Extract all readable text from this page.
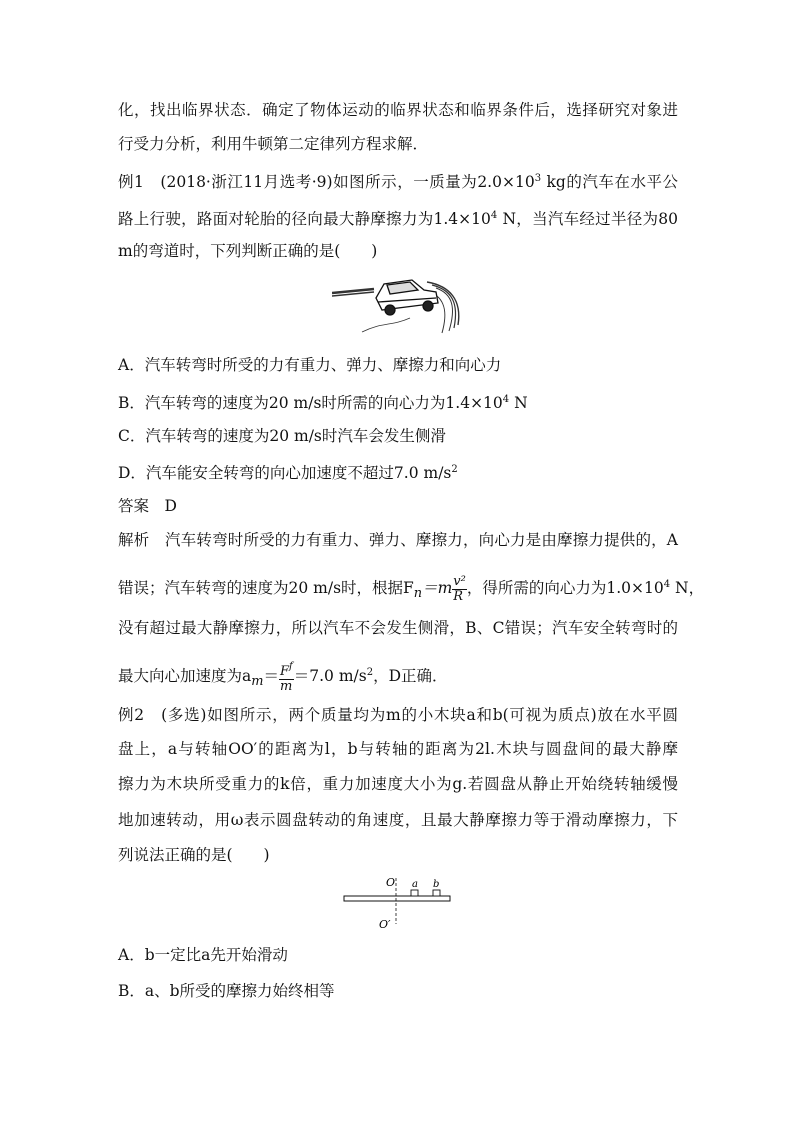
化，找出临界状态．确定了物体运动的临界状态和临界条件后，选择研究对象进
行受力分析，利用牛顿第二定律列方程求解．
例1　(2018·浙江11月选考·9)如图所示，一质量为$2.0\times 10^3$ kg的汽车在水平公
路上行驶，路面对轮胎的径向最大静摩擦力为$1.4\times 10^4$ N，当汽车经过半径为80
m的弯道时，下列判断正确的是(　　)
A．汽车转弯时所受的力有重力、弹力、摩擦力和向心力
B．汽车转弯的速度为20 m/s时所需的向心力为$1.4\times 10^4$ N
C．汽车转弯的速度为20 m/s时汽车会发生侧滑
D．汽车能安全转弯的向心加速度不超过7.0 $m/s^2$
答案　D
解析　汽车转弯时所受的力有重力、弹力、摩擦力，向心力是由摩擦力提供的，A
错误；汽车转弯的速度为20 m/s时，根据$F_n=m \frac{\text{v²}}{R}$ ，得所需的向心力为$1.0\times 10^4$ N，
没有超过最大静摩擦力，所以汽车不会发生侧滑，B、C错误；汽车安全转弯时的
最大向心加速度为$a_m= \frac{F^f}{m} =7.0$ $m/s^2$，D正确．
例2　(多选)如图所示，两个质量均为m的小木块a和b(可视为质点)放在水平圆
盘上，a与转轴OO′的距离为l，b与转轴的距离为2l.木块与圆盘间的最大静摩
擦力为木块所受重力的k倍，重力加速度大小为g.若圆盘从静止开始绕转轴缓慢
地加速转动，用ω表示圆盘转动的角速度，且最大静摩擦力等于滑动摩擦力，下
列说法正确的是(　　)
O
O′
a b
A．b一定比a先开始滑动
B．a、b所受的摩擦力始终相等
